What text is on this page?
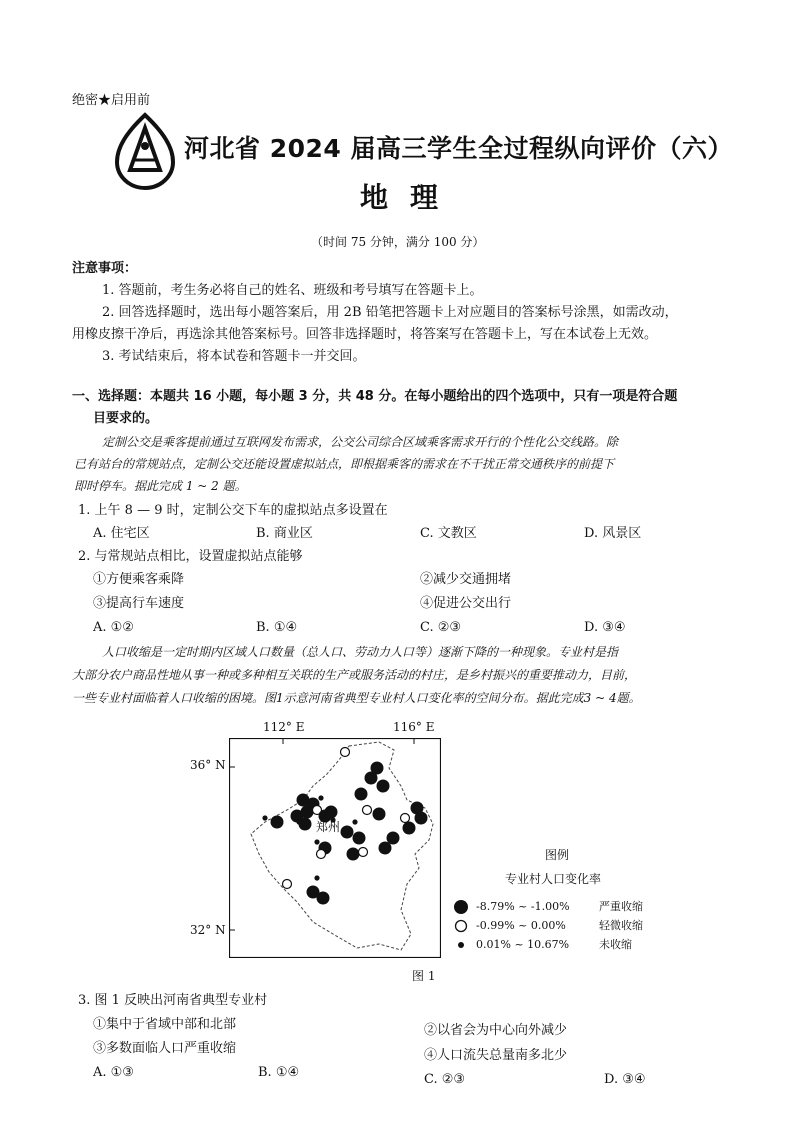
绝密★启用前
河北省 2024 届高三学生全过程纵向评价（六）
地理
（时间 75 分钟，满分 100 分）
注意事项：
1. 答题前，考生务必将自己的姓名、班级和考号填写在答题卡上。
2. 回答选择题时，选出每小题答案后，用 2B 铅笔把答题卡上对应题目的答案标号涂黑，如需改动，
用橡皮擦干净后，再选涂其他答案标号。回答非选择题时，将答案写在答题卡上，写在本试卷上无效。
3. 考试结束后，将本试卷和答题卡一并交回。
一、选择题：本题共 16 小题，每小题 3 分，共 48 分。在每小题给出的四个选项中，只有一项是符合题
目要求的。
定制公交是乘客提前通过互联网发布需求，公交公司综合区域乘客需求开行的个性化公交线路。除
已有站台的常规站点，定制公交还能设置虚拟站点，即根据乘客的需求在不干扰正常交通秩序的前提下
即时停车。据此完成 1 ~ 2 题。
1. 上午 8 — 9 时，定制公交下车的虚拟站点多设置在
A. 住宅区	B. 商业区	C. 文教区	D. 风景区
2. 与常规站点相比，设置虚拟站点能够
①方便乘客乘降	②减少交通拥堵
③提高行车速度	④促进公交出行
A. ①②	B. ①④	C. ②③	D. ③④
人口收缩是一定时期内区域人口数量（总人口、劳动力人口等）逐渐下降的一种现象。专业村是指
大部分农户商品性地从事一种或多种相互关联的生产或服务活动的村庄，是乡村振兴的重要推动力，目前，
一些专业村面临着人口收缩的困境。图1示意河南省典型专业村人口变化率的空间分布。据此完成3 ~ 4题。
112° E	116° E
36° N
32° N
郑州
图例
专业村人口变化率
-8.79% ~ -1.00%	严重收缩
-0.99% ~ 0.00%	轻微收缩
0.01% ~ 10.67%	未收缩
图 1
3. 图 1 反映出河南省典型专业村
①集中于省域中部和北部	②以省会为中心向外减少
③多数面临人口严重收缩	④人口流失总量南多北少
A. ①③	B. ①④	C. ②③	D. ③④
